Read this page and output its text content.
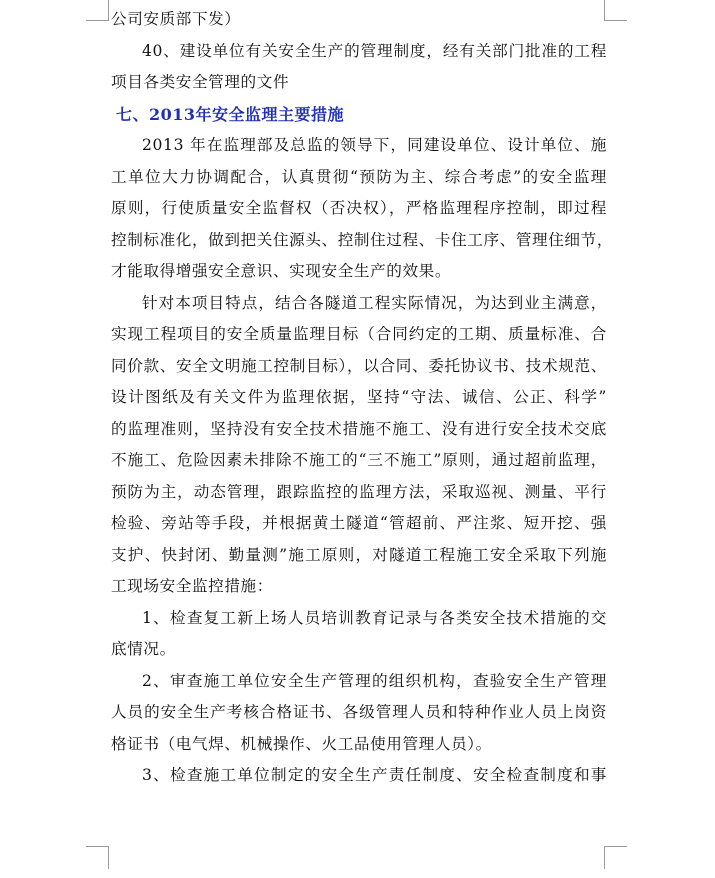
公司安质部下发）

40、建设单位有关安全生产的管理制度，经有关部门批准的工程
项目各类安全管理的文件

七、2013年安全监理主要措施

2013 年在监理部及总监的领导下，同建设单位、设计单位、施
工单位大力协调配合，认真贯彻“预防为主、综合考虑”的安全监理
原则，行使质量安全监督权（否决权），严格监理程序控制，即过程
控制标准化，做到把关住源头、控制住过程、卡住工序、管理住细节，
才能取得增强安全意识、实现安全生产的效果。

针对本项目特点，结合各隧道工程实际情况，为达到业主满意，
实现工程项目的安全质量监理目标（合同约定的工期、质量标准、合
同价款、安全文明施工控制目标），以合同、委托协议书、技术规范、
设计图纸及有关文件为监理依据，坚持“守法、诚信、公正、科学”
的监理准则，坚持没有安全技术措施不施工、没有进行安全技术交底
不施工、危险因素未排除不施工的“三不施工”原则，通过超前监理，
预防为主，动态管理，跟踪监控的监理方法，采取巡视、测量、平行
检验、旁站等手段，并根据黄土隧道“管超前、严注浆、短开挖、强
支护、快封闭、勤量测”施工原则，对隧道工程施工安全采取下列施
工现场安全监控措施：

1、检查复工新上场人员培训教育记录与各类安全技术措施的交
底情况。

2、审查施工单位安全生产管理的组织机构，查验安全生产管理
人员的安全生产考核合格证书、各级管理人员和特种作业人员上岗资
格证书（电气焊、机械操作、火工品使用管理人员）。

3、检查施工单位制定的安全生产责任制度、安全检查制度和事
